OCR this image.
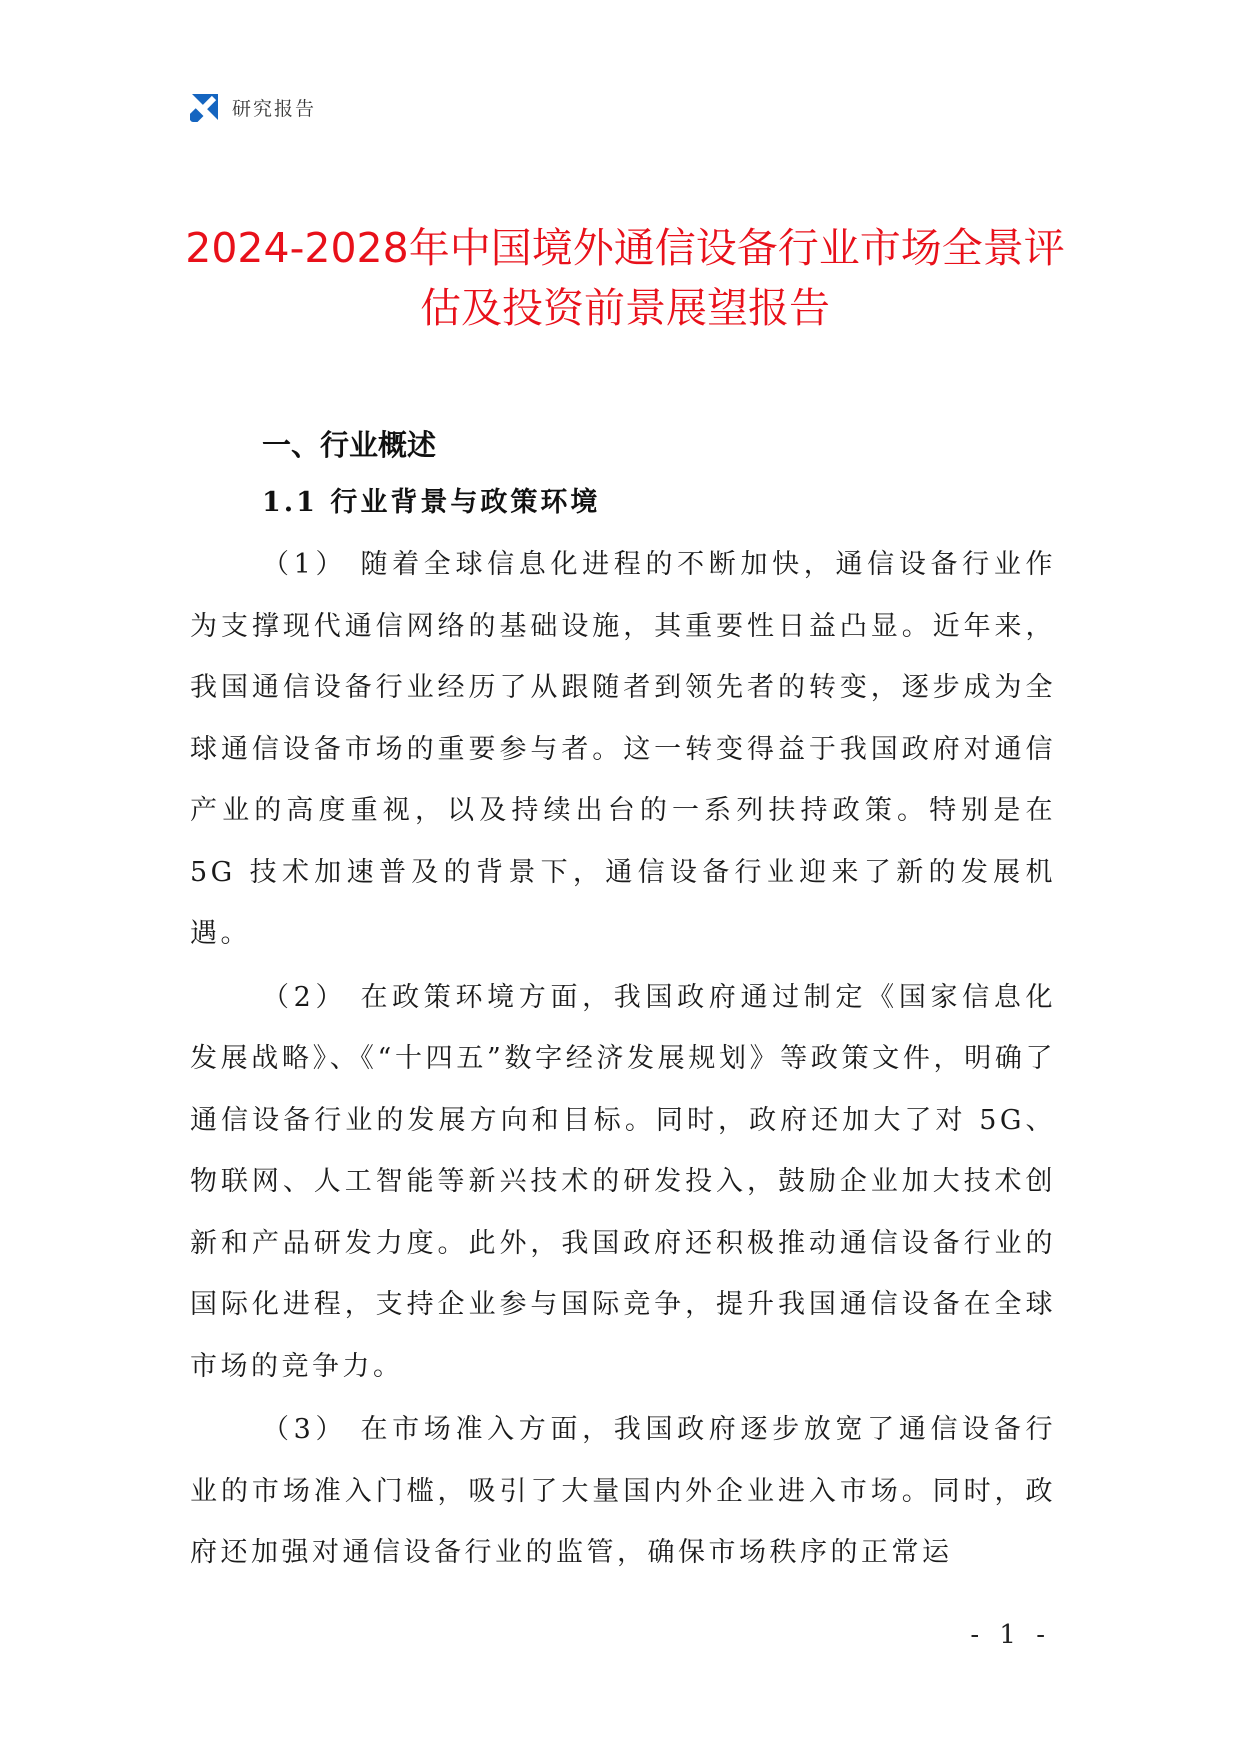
研究报告
2024-2028年中国境外通信设备行业市场全景评估及投资前景展望报告
一、行业概述
1.1 行业背景与政策环境

（1） 随着全球信息化进程的不断加快，通信设备行业作为支撑现代通信网络的基础设施，其重要性日益凸显。近年来，我国通信设备行业经历了从跟随者到领先者的转变，逐步成为全球通信设备市场的重要参与者。这一转变得益于我国政府对通信产业的高度重视，以及持续出台的一系列扶持政策。特别是在 5G 技术加速普及的背景下，通信设备行业迎来了新的发展机遇。

（2） 在政策环境方面，我国政府通过制定《国家信息化发展战略》、《“十四五”数字经济发展规划》等政策文件，明确了通信设备行业的发展方向和目标。同时，政府还加大了对 5G、物联网、人工智能等新兴技术的研发投入，鼓励企业加大技术创新和产品研发力度。此外，我国政府还积极推动通信设备行业的国际化进程，支持企业参与国际竞争，提升我国通信设备在全球市场的竞争力。

（3） 在市场准入方面，我国政府逐步放宽了通信设备行业的市场准入门槛，吸引了大量国内外企业进入市场。同时，政府还加强对通信设备行业的监管，确保市场秩序的正常运

- 1 -
